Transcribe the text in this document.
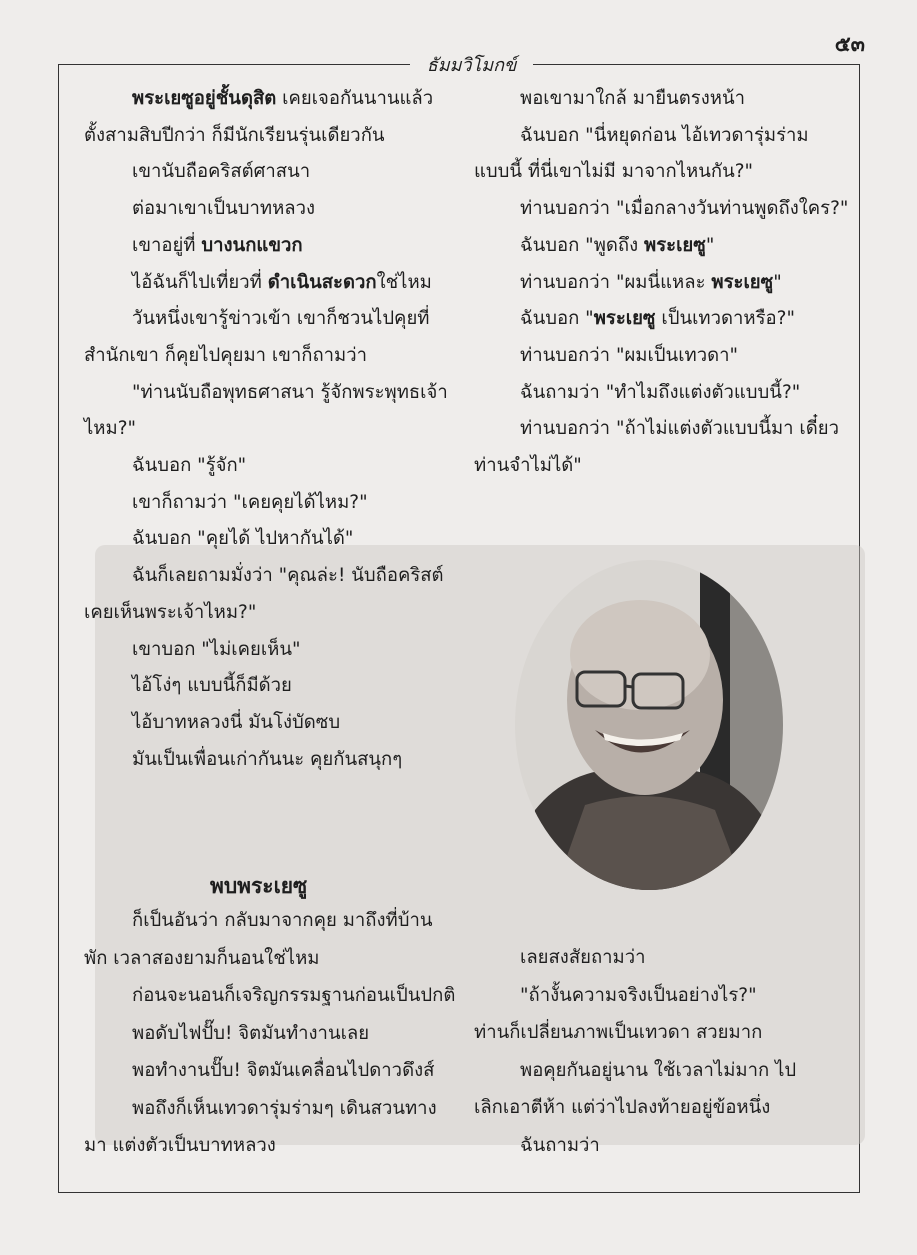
๕๓
ธัมมวิโมกข์
พระเยซูอยู่ชั้นดุสิต เคยเจอกันนานแล้ว
ตั้งสามสิบปีกว่า ก็มีนักเรียนรุ่นเดียวกัน
เขานับถือคริสต์ศาสนา
ต่อมาเขาเป็นบาทหลวง
เขาอยู่ที่ บางนกแขวก
ไอ้ฉันก็ไปเที่ยวที่ ดำเนินสะดวกใช่ไหม
วันหนึ่งเขารู้ข่าวเข้า เขาก็ชวนไปคุยที่
สำนักเขา ก็คุยไปคุยมา เขาก็ถามว่า
"ท่านนับถือพุทธศาสนา รู้จักพระพุทธเจ้า
ไหม?"
ฉันบอก "รู้จัก"
เขาก็ถามว่า "เคยคุยได้ไหม?"
ฉันบอก "คุยได้ ไปหากันได้"
ฉันก็เลยถามมั่งว่า "คุณล่ะ! นับถือคริสต์
เคยเห็นพระเจ้าไหม?"
เขาบอก "ไม่เคยเห็น"
ไอ้โง่ๆ แบบนี้ก็มีด้วย
ไอ้บาทหลวงนี่ มันโง่บัดซบ
มันเป็นเพื่อนเก่ากันนะ คุยกันสนุกๆ
พบพระเยซู
ก็เป็นอันว่า กลับมาจากคุย มาถึงที่บ้าน
พัก เวลาสองยามก็นอนใช่ไหม
ก่อนจะนอนก็เจริญกรรมฐานก่อนเป็นปกติ
พอดับไฟปั๊บ! จิตมันทำงานเลย
พอทำงานปั๊บ! จิตมันเคลื่อนไปดาวดึงส์
พอถึงก็เห็นเทวดารุ่มร่ามๆ เดินสวนทาง
มา แต่งตัวเป็นบาทหลวง
พอเขามาใกล้ มายืนตรงหน้า
ฉันบอก "นี่หยุดก่อน ไอ้เทวดารุ่มร่าม
แบบนี้ ที่นี่เขาไม่มี มาจากไหนกัน?"
ท่านบอกว่า "เมื่อกลางวันท่านพูดถึงใคร?"
ฉันบอก "พูดถึง พระเยซู"
ท่านบอกว่า "ผมนี่แหละ พระเยซู"
ฉันบอก "พระเยซู เป็นเทวดาหรือ?"
ท่านบอกว่า "ผมเป็นเทวดา"
ฉันถามว่า "ทำไมถึงแต่งตัวแบบนี้?"
ท่านบอกว่า "ถ้าไม่แต่งตัวแบบนี้มา เดี๋ยว
ท่านจำไม่ได้"
เลยสงสัยถามว่า
"ถ้างั้นความจริงเป็นอย่างไร?"
ท่านก็เปลี่ยนภาพเป็นเทวดา สวยมาก
พอคุยกันอยู่นาน ใช้เวลาไม่มาก ไป
เลิกเอาตีห้า แต่ว่าไปลงท้ายอยู่ข้อหนึ่ง
ฉันถามว่า
